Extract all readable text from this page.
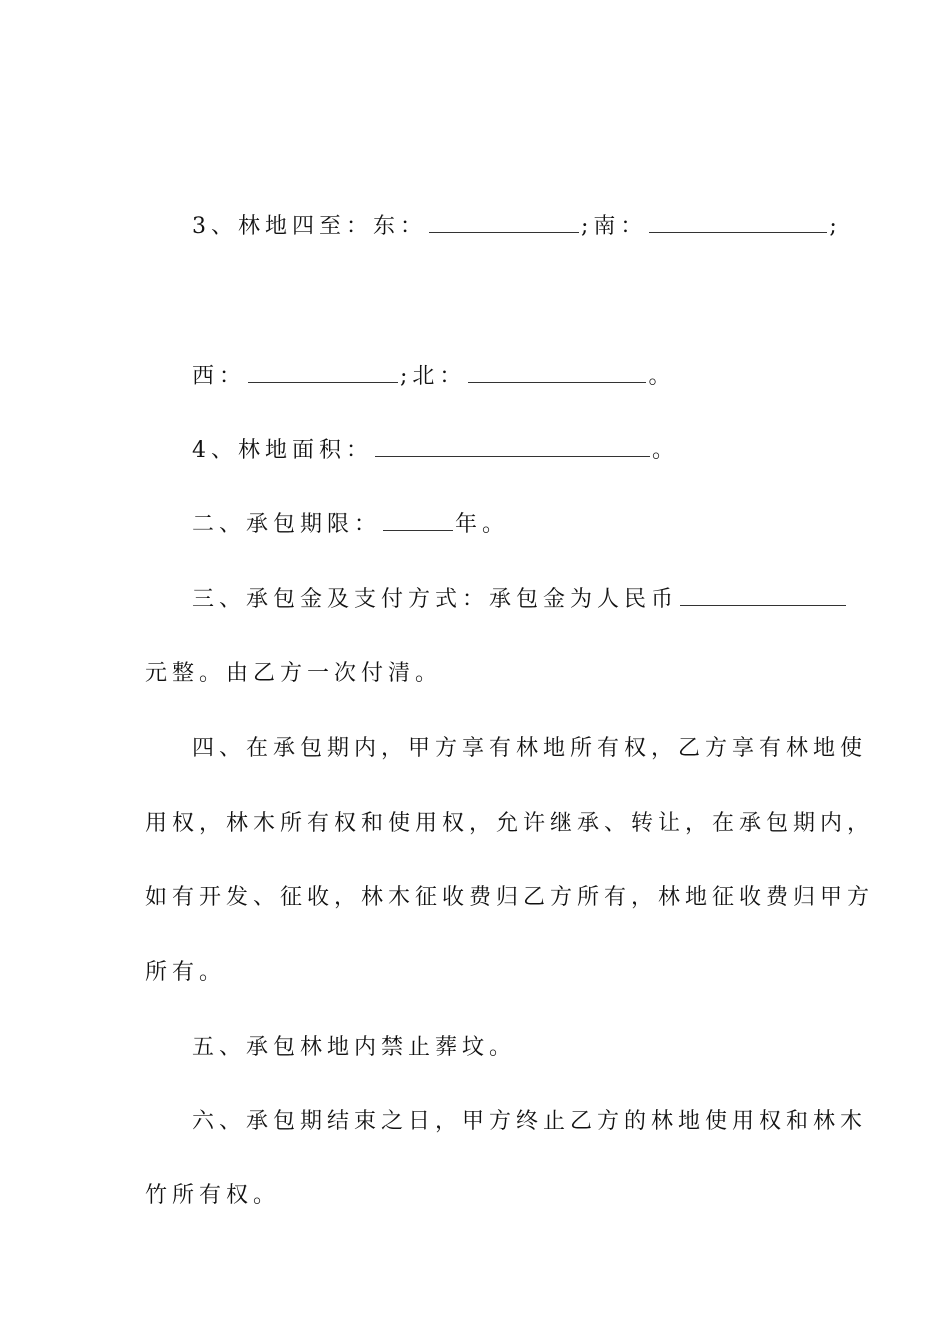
3、林地四至：东：	;南：	;
西：	;北：	。
4、林地面积：	。
二、承包期限：	年。
三、承包金及支付方式：承包金为人民币
元整。由乙方一次付清。
四、在承包期内，甲方享有林地所有权，乙方享有林地使
用权，林木所有权和使用权，允许继承、转让，在承包期内，
如有开发、征收，林木征收费归乙方所有，林地征收费归甲方
所有。
五、承包林地内禁止葬坟。
六、承包期结束之日，甲方终止乙方的林地使用权和林木
竹所有权。
